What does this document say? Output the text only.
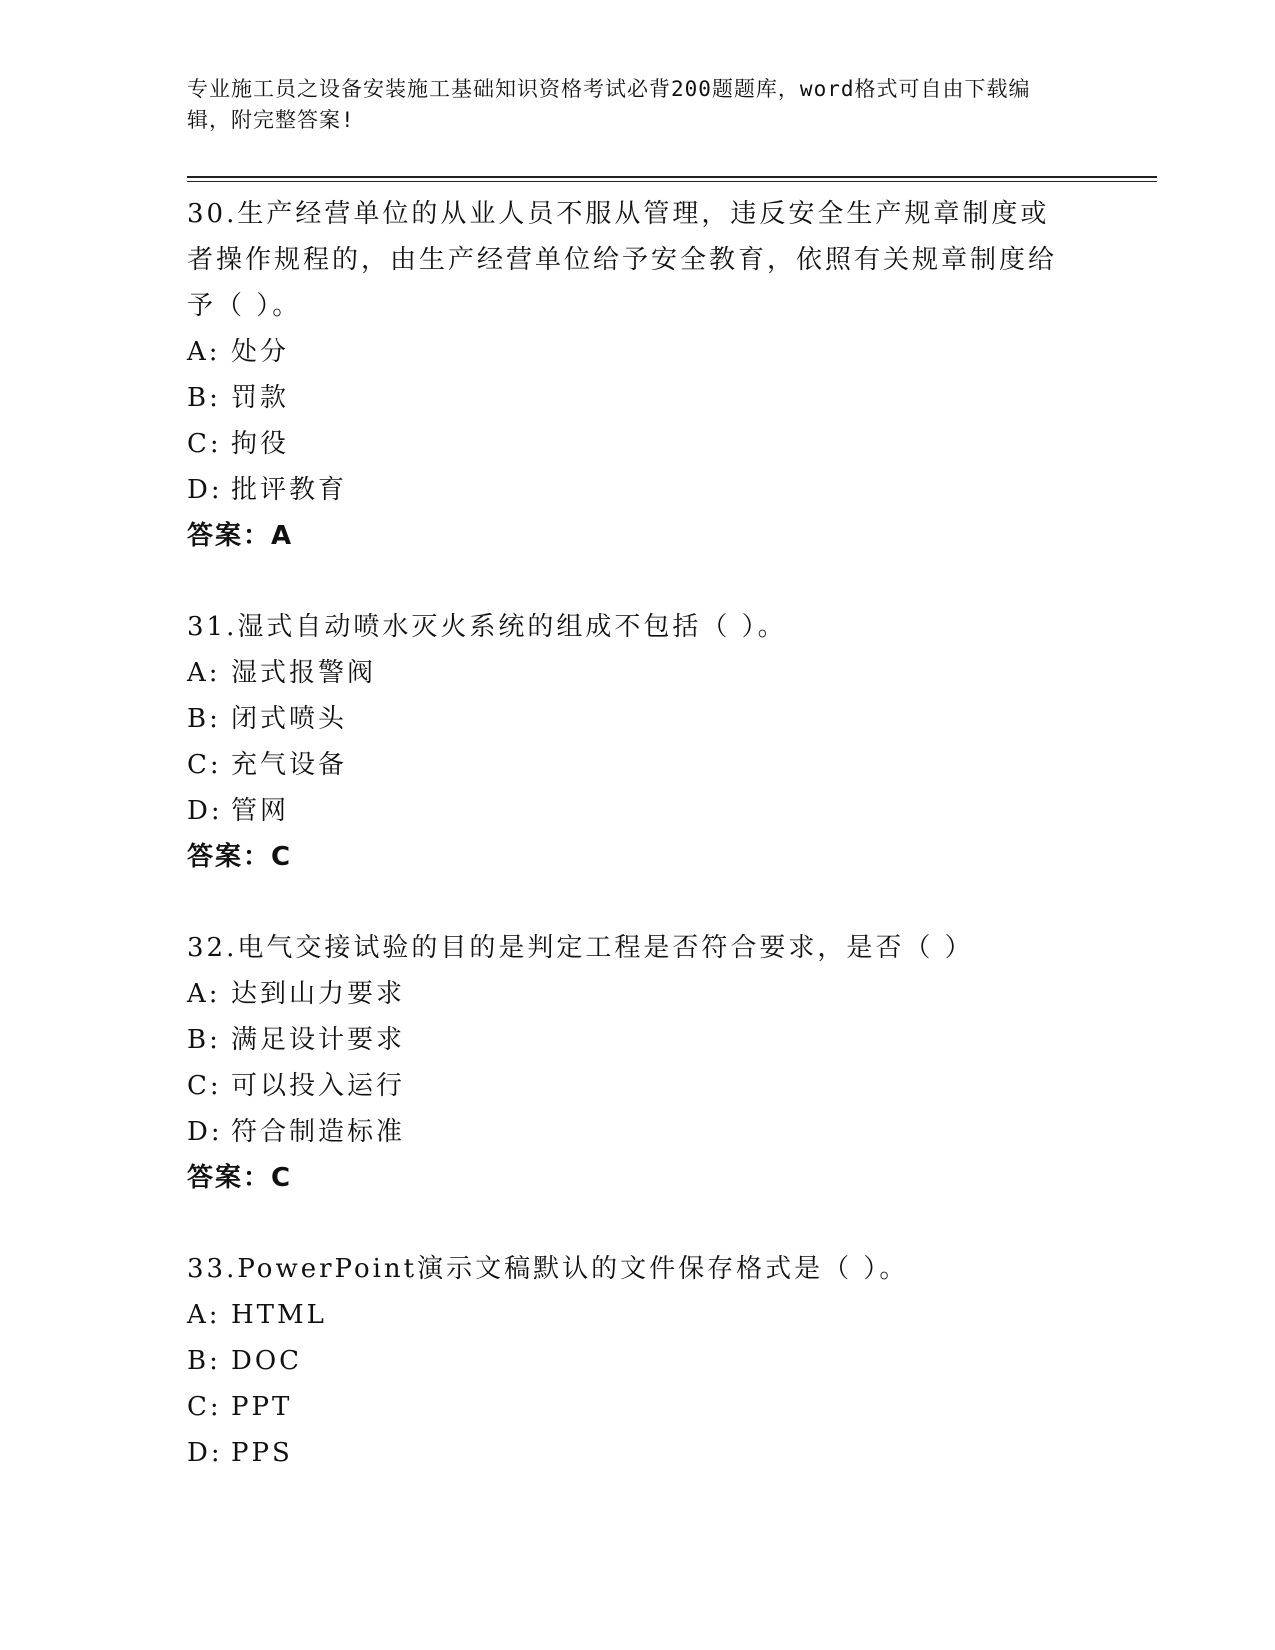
专业施工员之设备安装施工基础知识资格考试必背200题题库，word格式可自由下载编辑，附完整答案!
30.生产经营单位的从业人员不服从管理，违反安全生产规章制度或者操作规程的，由生产经营单位给予安全教育，依照有关规章制度给予（ ）。
A: 处分
B: 罚款
C: 拘役
D: 批评教育
答案：A
31.湿式自动喷水灭火系统的组成不包括（ ）。
A: 湿式报警阀
B: 闭式喷头
C: 充气设备
D: 管网
答案：C
32.电气交接试验的目的是判定工程是否符合要求，是否（ ）
A: 达到山力要求
B: 满足设计要求
C: 可以投入运行
D: 符合制造标准
答案：C
33.PowerPoint演示文稿默认的文件保存格式是（ ）。
A: HTML
B: DOC
C: PPT
D: PPS
